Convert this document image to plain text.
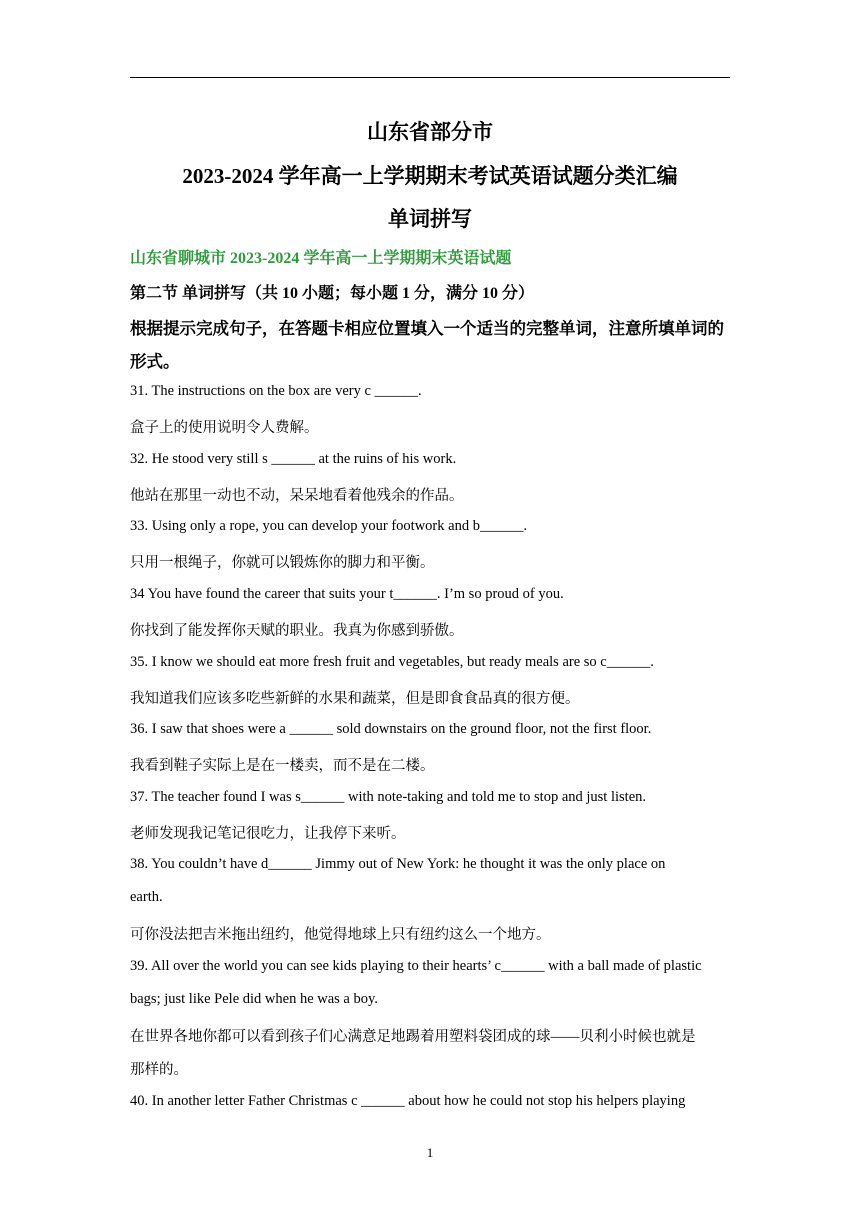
山东省部分市
2023-2024 学年高一上学期期末考试英语试题分类汇编
单词拼写
山东省聊城市 2023-2024 学年高一上学期期末英语试题
第二节 单词拼写（共 10 小题；每小题 1 分，满分 10 分）
根据提示完成句子，在答题卡相应位置填入一个适当的完整单词，注意所填单词的形式。
31. The instructions on the box are very c ______.
盒子上的使用说明令人费解。
32. He stood very still s ______ at the ruins of his work.
他站在那里一动也不动，呆呆地看着他残余的作品。
33. Using only a rope, you can develop your footwork and b______.
只用一根绳子，你就可以锻炼你的脚力和平衡。
34 You have found the career that suits your t______. I’m so proud of you.
你找到了能发挥你天赋的职业。我真为你感到骄傲。
35. I know we should eat more fresh fruit and vegetables, but ready meals are so c______.
我知道我们应该多吃些新鲜的水果和蔬菜，但是即食食品真的很方便。
36. I saw that shoes were a ______ sold downstairs on the ground floor, not the first floor.
我看到鞋子实际上是在一楼卖，而不是在二楼。
37. The teacher found I was s______ with note-taking and told me to stop and just listen.
老师发现我记笔记很吃力，让我停下来听。
38. You couldn’t have d______ Jimmy out of New York: he thought it was the only place on
earth.
可你没法把吉米拖出纽约，他觉得地球上只有纽约这么一个地方。
39. All over the world you can see kids playing to their hearts’ c______ with a ball made of plastic
bags; just like Pele did when he was a boy.
在世界各地你都可以看到孩子们心满意足地踢着用塑料袋团成的球——贝利小时候也就是
那样的。
40. In another letter Father Christmas c ______ about how he could not stop his helpers playing
1
